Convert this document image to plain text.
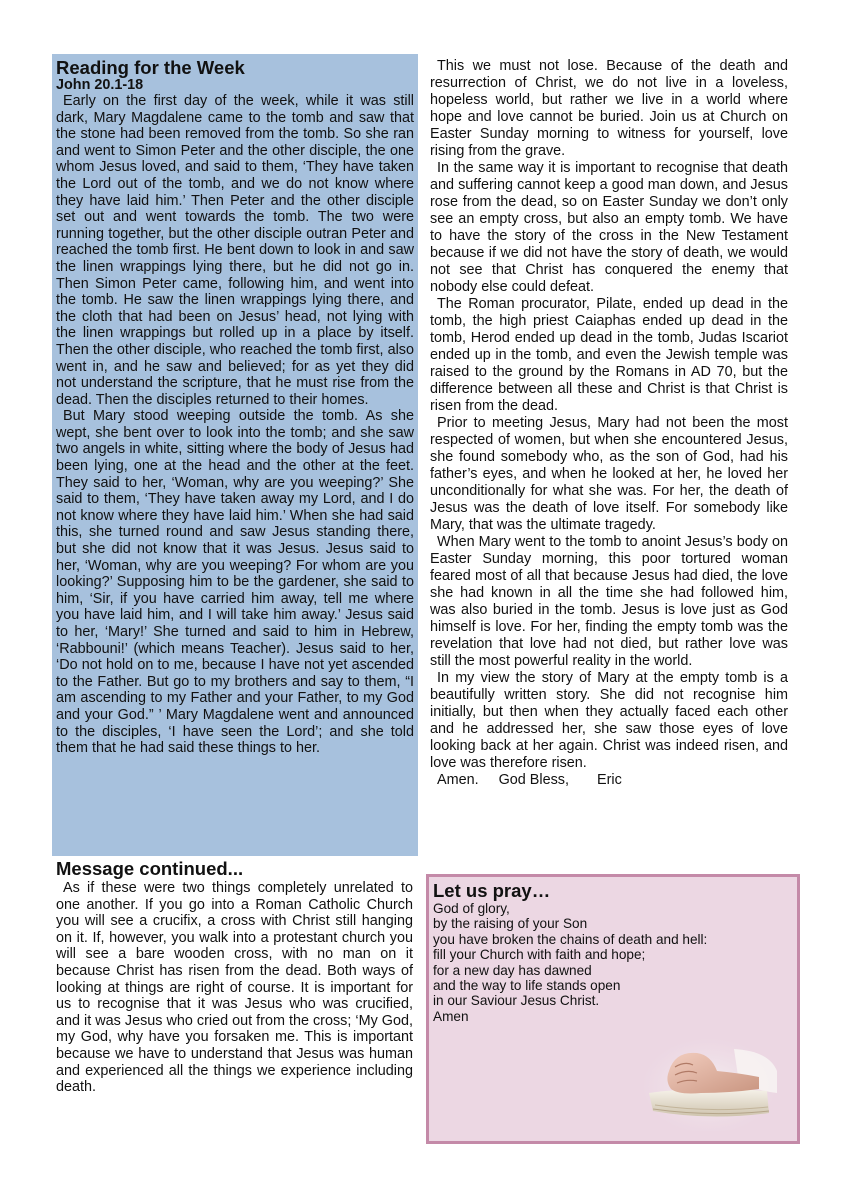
Reading for the Week
John 20.1-18

Early on the first day of the week, while it was still dark, Mary Magdalene came to the tomb and saw that the stone had been removed from the tomb. So she ran and went to Simon Peter and the other disciple, the one whom Jesus loved, and said to them, ‘They have taken the Lord out of the tomb, and we do not know where they have laid him.’ Then Peter and the other disciple set out and went towards the tomb. The two were running together, but the other disciple outran Peter and reached the tomb first. He bent down to look in and saw the linen wrappings lying there, but he did not go in. Then Simon Peter came, following him, and went into the tomb. He saw the linen wrappings lying there, and the cloth that had been on Jesus’ head, not lying with the linen wrappings but rolled up in a place by itself. Then the other disciple, who reached the tomb first, also went in, and he saw and believed; for as yet they did not understand the scripture, that he must rise from the dead. Then the disciples returned to their homes.

But Mary stood weeping outside the tomb. As she wept, she bent over to look into the tomb; and she saw two angels in white, sitting where the body of Jesus had been lying, one at the head and the other at the feet. They said to her, ‘Woman, why are you weeping?’ She said to them, ‘They have taken away my Lord, and I do not know where they have laid him.’ When she had said this, she turned round and saw Jesus standing there, but she did not know that it was Jesus. Jesus said to her, ‘Woman, why are you weeping? For whom are you looking?’ Supposing him to be the gardener, she said to him, ‘Sir, if you have carried him away, tell me where you have laid him, and I will take him away.’ Jesus said to her, ‘Mary!’ She turned and said to him in Hebrew, ‘Rabbouni!’ (which means Teacher). Jesus said to her, ‘Do not hold on to me, because I have not yet ascended to the Father. But go to my brothers and say to them, “I am ascending to my Father and your Father, to my God and your God.” ’ Mary Magdalene went and announced to the disciples, ‘I have seen the Lord’; and she told them that he had said these things to her.

Message continued...

As if these were two things completely unrelated to one another. If you go into a Roman Catholic Church you will see a crucifix, a cross with Christ still hanging on it. If, however, you walk into a protestant church you will see a bare wooden cross, with no man on it because Christ has risen from the dead. Both ways of looking at things are right of course. It is important for us to recognise that it was Jesus who was crucified, and it was Jesus who cried out from the cross; ‘My God, my God, why have you forsaken me. This is important because we have to understand that Jesus was human and experienced all the things we experience including death.

This we must not lose. Because of the death and resurrection of Christ, we do not live in a loveless, hopeless world, but rather we live in a world where hope and love cannot be buried. Join us at Church on Easter Sunday morning to witness for yourself, love rising from the grave.

In the same way it is important to recognise that death and suffering cannot keep a good man down, and Jesus rose from the dead, so on Easter Sunday we don’t only see an empty cross, but also an empty tomb. We have to have the story of the cross in the New Testament because if we did not have the story of death, we would not see that Christ has conquered the enemy that nobody else could defeat.

The Roman procurator, Pilate, ended up dead in the tomb, the high priest Caiaphas ended up dead in the tomb, Herod ended up dead in the tomb, Judas Iscariot ended up in the tomb, and even the Jewish temple was raised to the ground by the Romans in AD 70, but the difference between all these and Christ is that Christ is risen from the dead.

Prior to meeting Jesus, Mary had not been the most respected of women, but when she encountered Jesus, she found somebody who, as the son of God, had his father’s eyes, and when he looked at her, he loved her unconditionally for what she was. For her, the death of Jesus was the death of love itself. For somebody like Mary, that was the ultimate tragedy.

When Mary went to the tomb to anoint Jesus’s body on Easter Sunday morning, this poor tortured woman feared most of all that because Jesus had died, the love she had known in all the time she had followed him, was also buried in the tomb. Jesus is love just as God himself is love. For her, finding the empty tomb was the revelation that love had not died, but rather love was still the most powerful reality in the world.

In my view the story of Mary at the empty tomb is a beautifully written story. She did not recognise him initially, but then when they actually faced each other and he addressed her, she saw those eyes of love looking back at her again. Christ was indeed risen, and love was therefore risen.

Amen. God Bless, Eric

Let us pray…
God of glory,
by the raising of your Son
you have broken the chains of death and hell:
fill your Church with faith and hope;
for a new day has dawned
and the way to life stands open
in our Saviour Jesus Christ.
Amen
